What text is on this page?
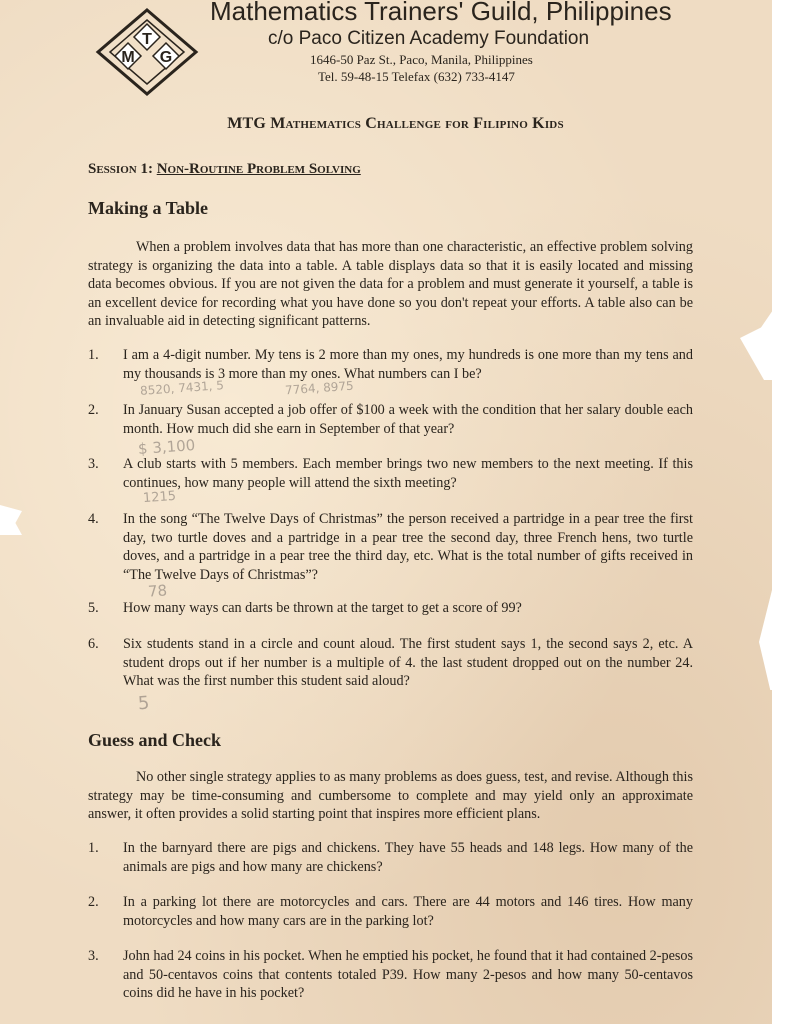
T
M G
Mathematics Trainers' Guild, Philippines
c/o Paco Citizen Academy Foundation
1646-50 Paz St., Paco, Manila, Philippines
Tel. 59-48-15 Telefax (632) 733-4147
MTG Mathematics Challenge for Filipino Kids
Session 1: Non-Routine Problem Solving
Making a Table

When a problem involves data that has more than one characteristic, an effective problem solving strategy is organizing the data into a table. A table displays data so that it is easily located and missing data becomes obvious. If you are not given the data for a problem and must generate it yourself, a table is an excellent device for recording what you have done so you don't repeat your efforts. A table also can be an invaluable aid in detecting significant patterns.

1. I am a 4-digit number. My tens is 2 more than my ones, my hundreds is one more than my tens and my thousands is 3 more than my ones. What numbers can I be?
2. In January Susan accepted a job offer of $100 a week with the condition that her salary double each month. How much did she earn in September of that year?
3. A club starts with 5 members. Each member brings two new members to the next meeting. If this continues, how many people will attend the sixth meeting?
4. In the song “The Twelve Days of Christmas” the person received a partridge in a pear tree the first day, two turtle doves and a partridge in a pear tree the second day, three French hens, two turtle doves, and a partridge in a pear tree the third day, etc. What is the total number of gifts received in “The Twelve Days of Christmas”?
5. How many ways can darts be thrown at the target to get a score of 99?
6. Six students stand in a circle and count aloud. The first student says 1, the second says 2, etc. A student drops out if her number is a multiple of 4. the last student dropped out on the number 24. What was the first number this student said aloud?
Guess and Check

No other single strategy applies to as many problems as does guess, test, and revise. Although this strategy may be time-consuming and cumbersome to complete and may yield only an approximate answer, it often provides a solid starting point that inspires more efficient plans.

1. In the barnyard there are pigs and chickens. They have 55 heads and 148 legs. How many of the animals are pigs and how many are chickens?
2. In a parking lot there are motorcycles and cars. There are 44 motors and 146 tires. How many motorcycles and how many cars are in the parking lot?
3. John had 24 coins in his pocket. When he emptied his pocket, he found that it had contained 2-pesos and 50-centavos coins that contents totaled P39. How many 2-pesos and how many 50-centavos coins did he have in his pocket?
8520, 7431, 5	7764, 8975
$ 3,100
1215
78
5
